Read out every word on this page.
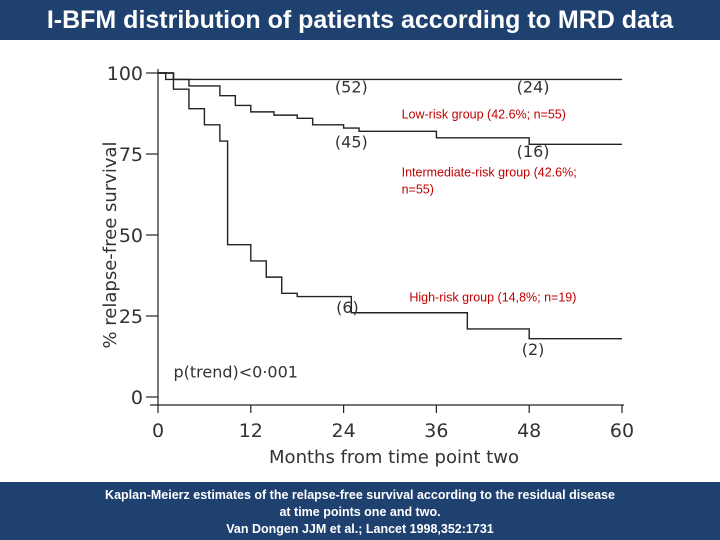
I-BFM distribution of patients according to MRD data
0
25
50
75
100
0	12	24	36	48	60
Months from time point two
% relapse-free survival
(52)	(24)
(45)
(16)
(6)
(2)
p(trend)<0·001
Low-risk group (42.6%; n=55)
Intermediate-risk group (42.6%;
n=55)
High-risk group (14,8%; n=19)
Kaplan-Meierz estimates of the relapse-free survival according to the residual disease
at time points one and two.
Van Dongen JJM et al.; Lancet 1998,352:1731
